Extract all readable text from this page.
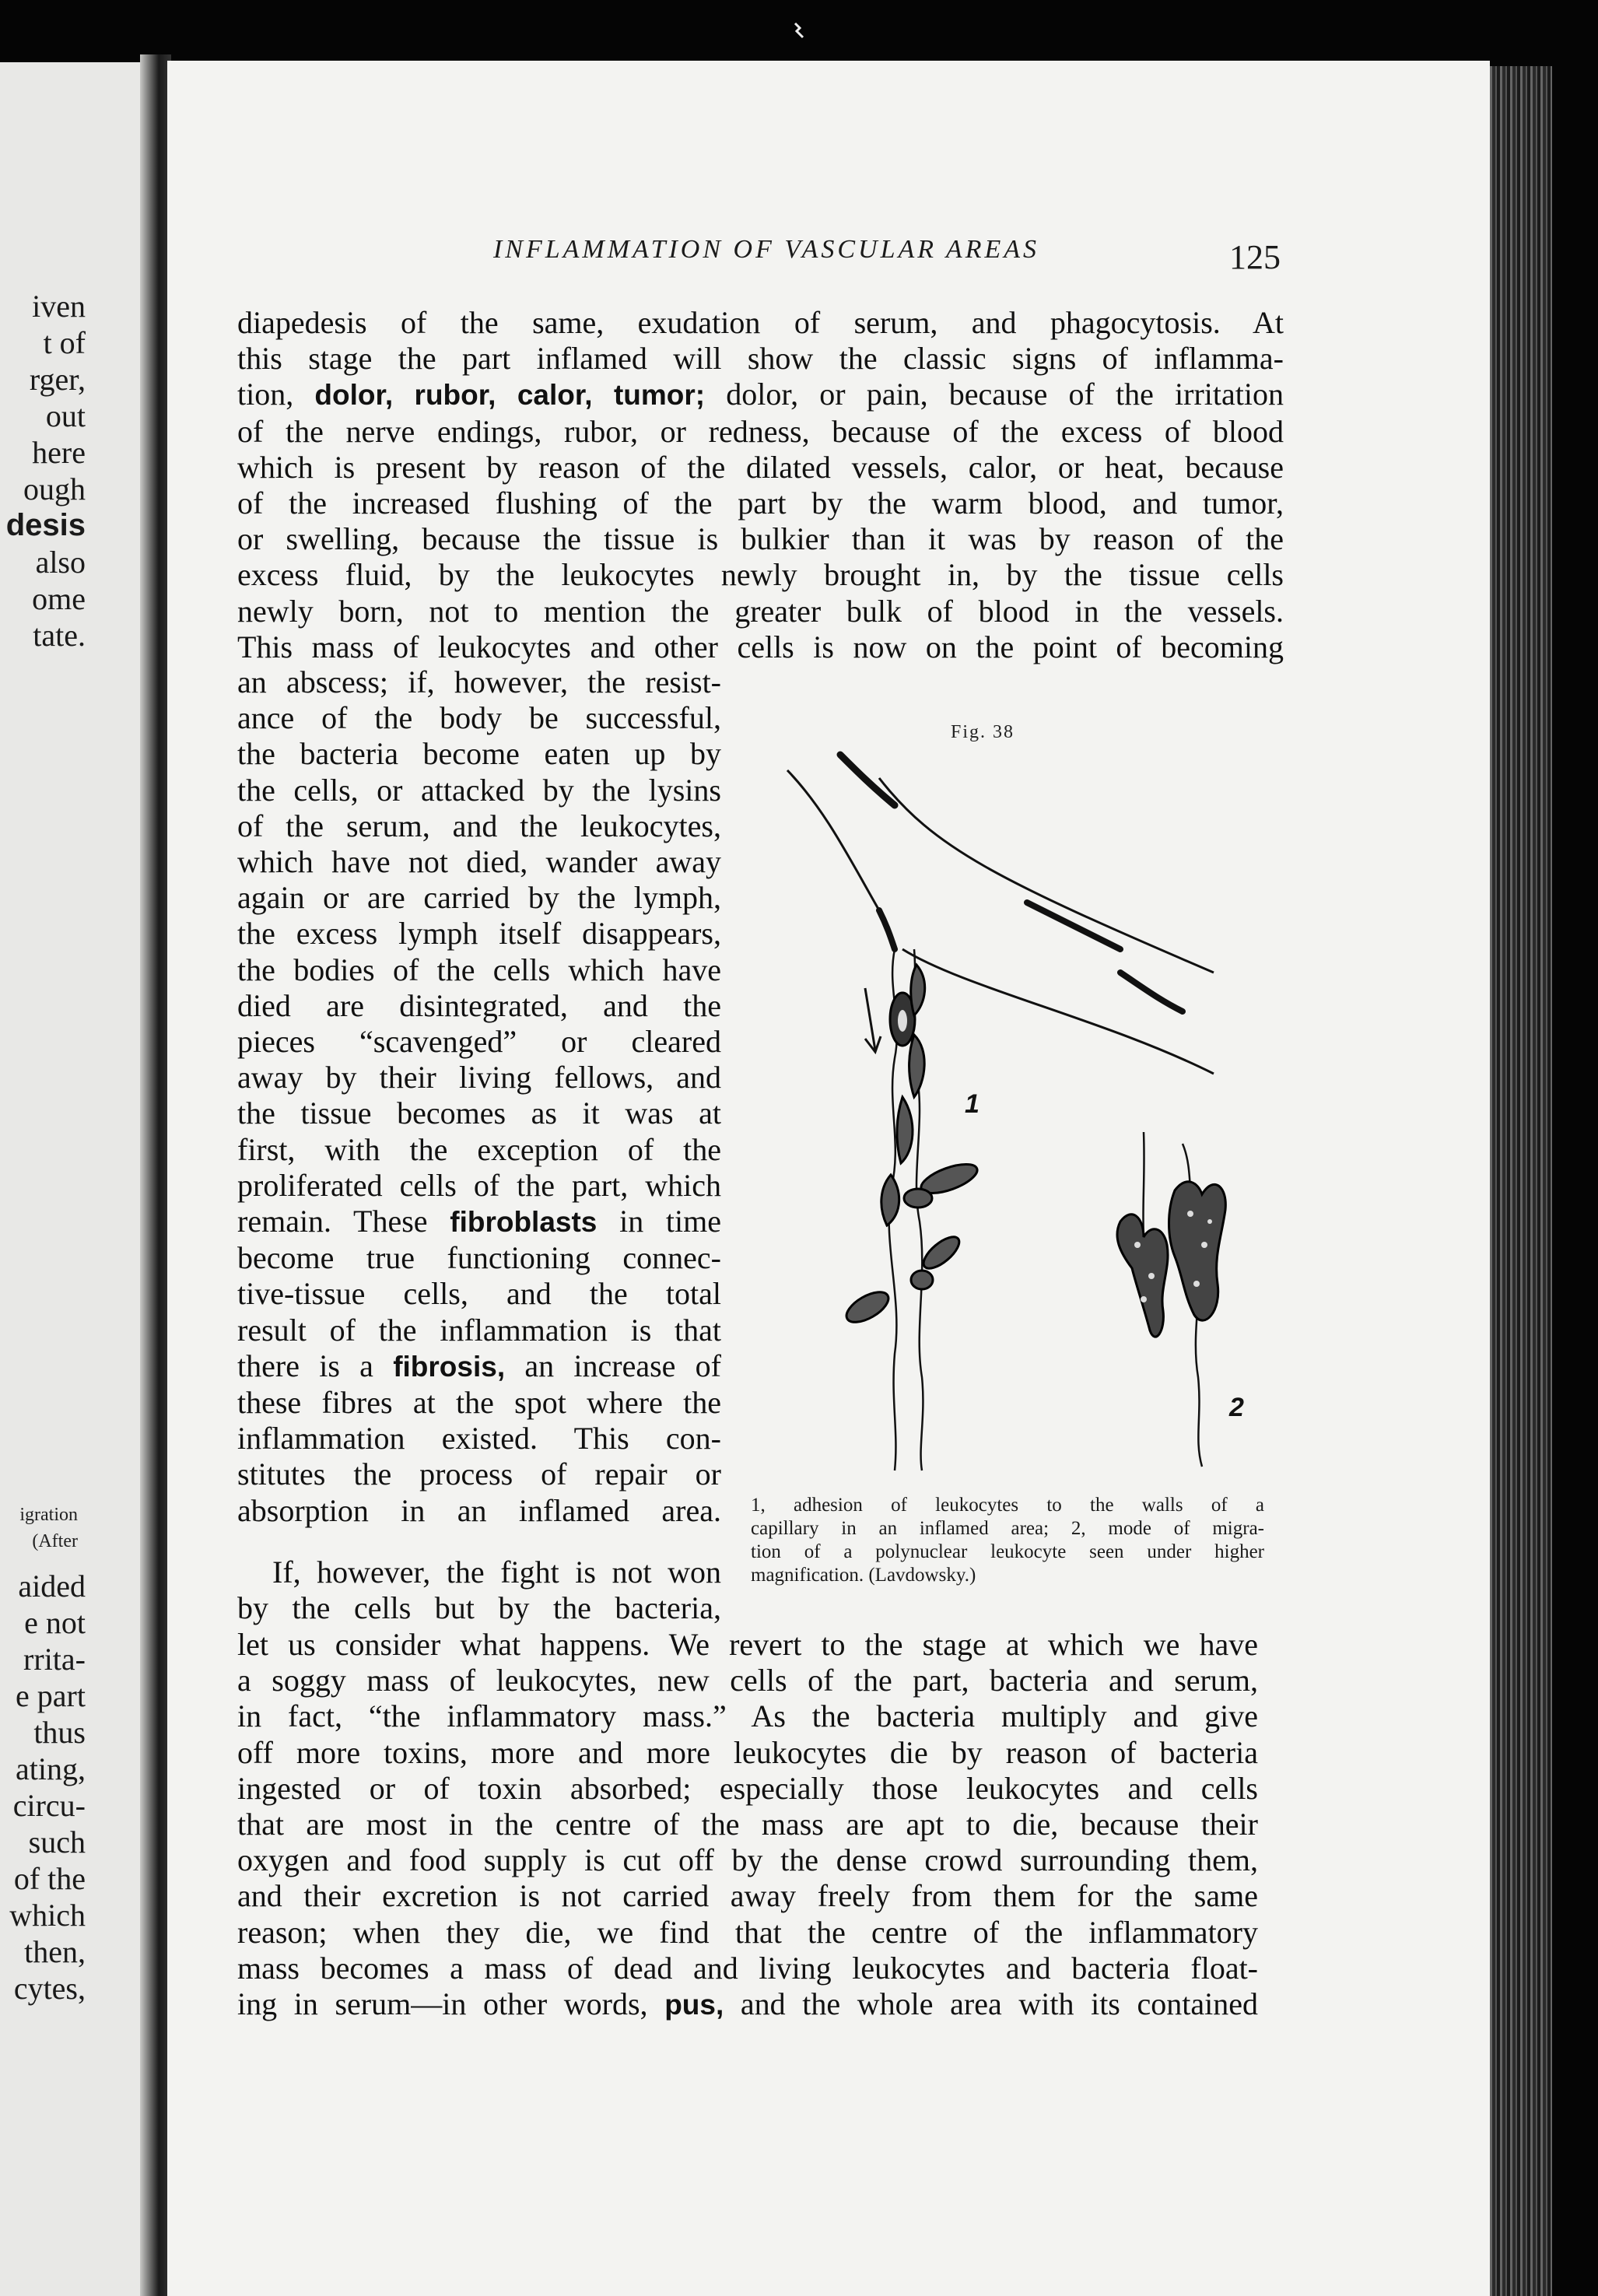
iven
t of
rger,
out
here
ough
desis
also
ome
tate.
igration
(After
aided
e not
rrita-
e part
thus
ating,
circu-
such
of the
which
then,
cytes,
INFLAMMATION OF VASCULAR AREAS	125
diapedesis of the same, exudation of serum, and phagocytosis. At
this stage the part inflamed will show the classic signs of inflamma-
tion, dolor, rubor, calor, tumor; dolor, or pain, because of the irritation
of the nerve endings, rubor, or redness, because of the excess of blood
which is present by reason of the dilated vessels, calor, or heat, because
of the increased flushing of the part by the warm blood, and tumor,
or swelling, because the tissue is bulkier than it was by reason of the
excess fluid, by the leukocytes newly brought in, by the tissue cells
newly born, not to mention the greater bulk of blood in the vessels.
This mass of leukocytes and other cells is now on the point of becoming
an abscess; if, however, the resist-
ance of the body be successful,
the bacteria become eaten up by
the cells, or attacked by the lysins
of the serum, and the leukocytes,
which have not died, wander away
again or are carried by the lymph,
the excess lymph itself disappears,
the bodies of the cells which have
died are disintegrated, and the
pieces “scavenged” or cleared
away by their living fellows, and
the tissue becomes as it was at
first, with the exception of the
proliferated cells of the part, which
remain. These fibroblasts in time
become true functioning connec-
tive-tissue cells, and the total
result of the inflammation is that
there is a fibrosis, an increase of
these fibres at the spot where the
inflammation existed. This con-
stitutes the process of repair or
absorption in an inflamed area.
If, however, the fight is not won
by the cells but by the bacteria,
let us consider what happens. We revert to the stage at which we have
a soggy mass of leukocytes, new cells of the part, bacteria and serum,
in fact, “the inflammatory mass.” As the bacteria multiply and give
off more toxins, more and more leukocytes die by reason of bacteria
ingested or of toxin absorbed; especially those leukocytes and cells
that are most in the centre of the mass are apt to die, because their
oxygen and food supply is cut off by the dense crowd surrounding them,
and their excretion is not carried away freely from them for the same
reason; when they die, we find that the centre of the inflammatory
mass becomes a mass of dead and living leukocytes and bacteria float-
ing in serum—in other words, pus, and the whole area with its contained
Fig. 38
1
2
1, adhesion of leukocytes to the walls of a
capillary in an inflamed area; 2, mode of migra-
tion of a polynuclear leukocyte seen under higher
magnification. (Lavdowsky.)
